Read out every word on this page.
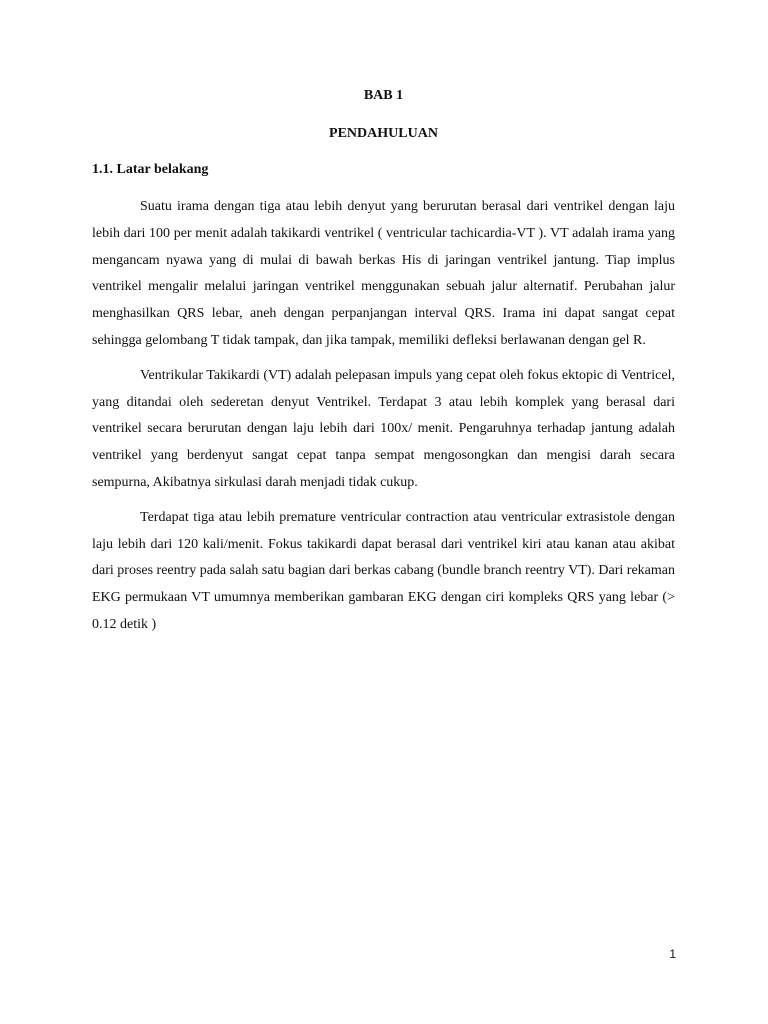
BAB 1
PENDAHULUAN
1.1. Latar belakang

Suatu irama dengan tiga atau lebih denyut yang berurutan berasal dari ventrikel dengan laju lebih dari 100 per menit adalah takikardi ventrikel ( ventricular tachicardia-VT ). VT adalah irama yang mengancam nyawa yang di mulai di bawah berkas His di jaringan ventrikel jantung. Tiap implus ventrikel mengalir melalui jaringan ventrikel menggunakan sebuah jalur alternatif. Perubahan jalur menghasilkan QRS lebar, aneh dengan perpanjangan interval QRS. Irama ini dapat sangat cepat sehingga gelombang T tidak tampak, dan jika tampak, memiliki defleksi berlawanan dengan gel R.

Ventrikular Takikardi (VT) adalah pelepasan impuls yang cepat oleh fokus ektopic di Ventricel, yang ditandai oleh sederetan denyut Ventrikel. Terdapat 3 atau lebih komplek yang berasal dari ventrikel secara berurutan dengan laju lebih dari 100x/ menit. Pengaruhnya terhadap jantung adalah ventrikel yang berdenyut sangat cepat tanpa sempat mengosongkan dan mengisi darah secara sempurna, Akibatnya sirkulasi darah menjadi tidak cukup.

Terdapat tiga atau lebih premature ventricular contraction atau ventricular extrasistole dengan laju lebih dari 120 kali/menit. Fokus takikardi dapat berasal dari ventrikel kiri atau kanan atau akibat dari proses reentry pada salah satu bagian dari berkas cabang (bundle branch reentry VT). Dari rekaman EKG permukaan VT umumnya memberikan gambaran EKG dengan ciri kompleks QRS yang lebar (> 0.12 detik )

1
